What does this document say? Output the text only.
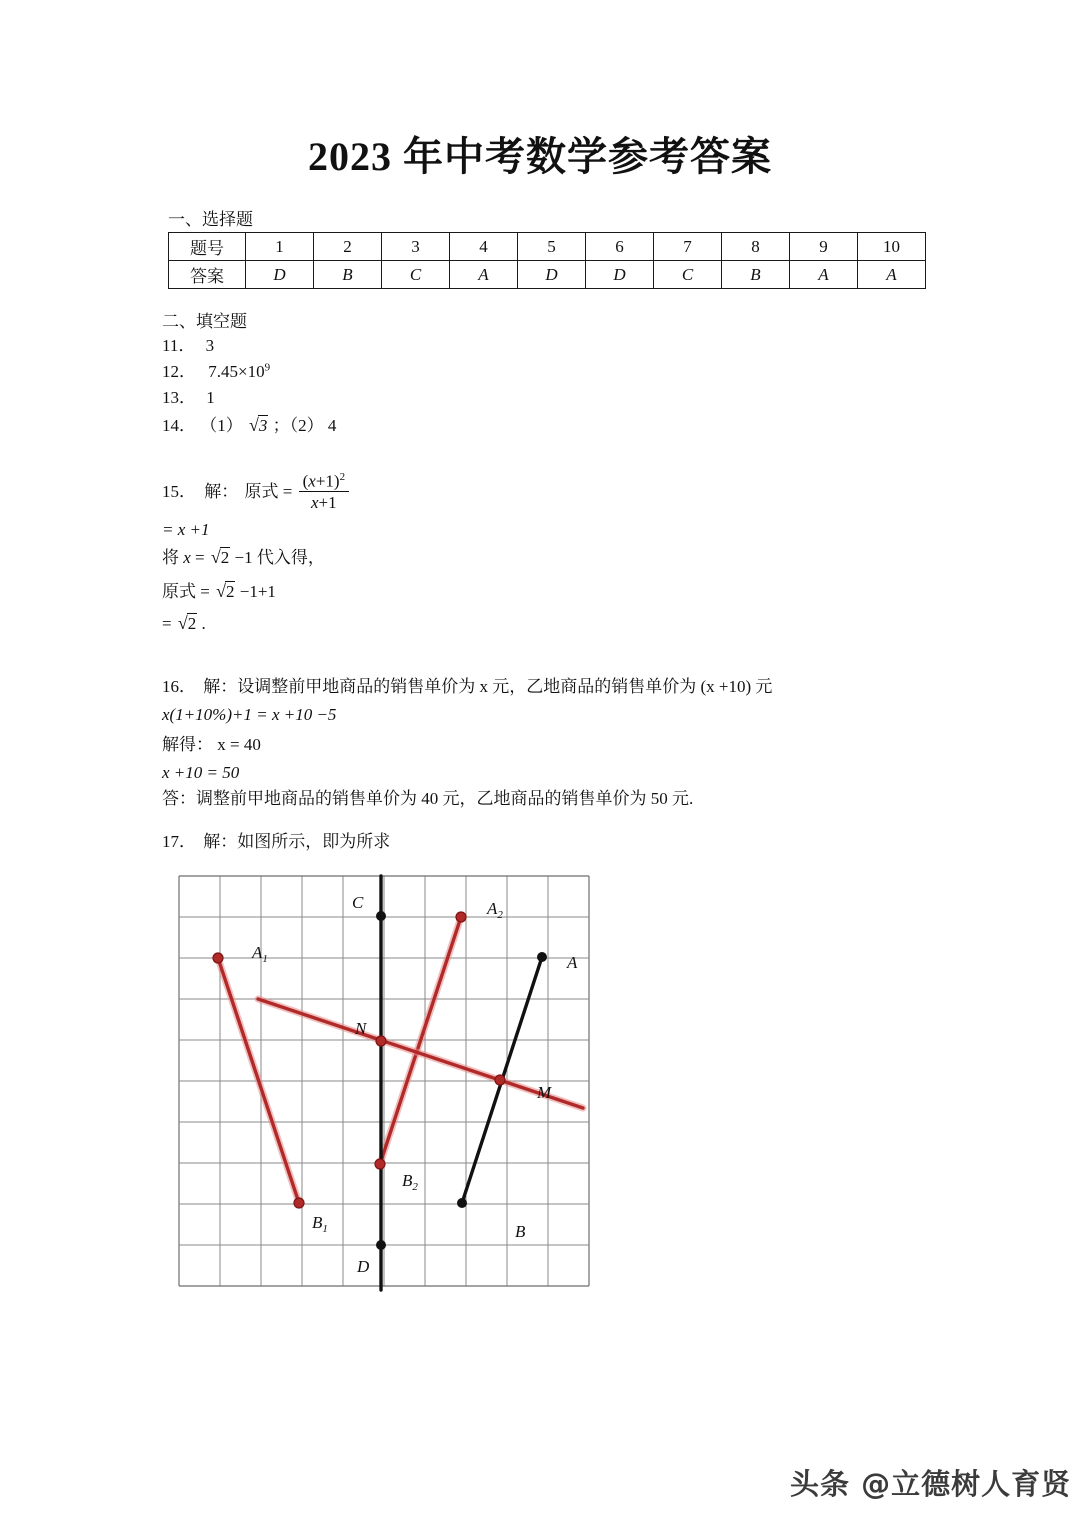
2023 年中考数学参考答案
一、选择题
题号	1	2	3	4	5	6	7	8	9	10
答案	D	B	C	A	D	D	C	B	A	A
二、填空题
11． 3
12． $7.45\times 10^9$
13． 1
14． （1） √3 ；（2） 4
15． 解： 原式 = $\frac{(x+1)^2}{x+1}$
= x +1
将 x = √2 −1 代入得，
原式 = √2 −1+1
= √2 .
16． 解：设调整前甲地商品的销售单价为 x 元，乙地商品的销售单价为 (x +10) 元
x(1+10%)+1 = x +10 −5
解得： x = 40
x +10 = 50
答：调整前甲地商品的销售单价为 40 元，乙地商品的销售单价为 50 元.
17． 解：如图所示，即为所求
C	$A_2$
$A_1$	A
N
M
$B_2$
$B_1$	B
D
头条 @立德树人育贤
